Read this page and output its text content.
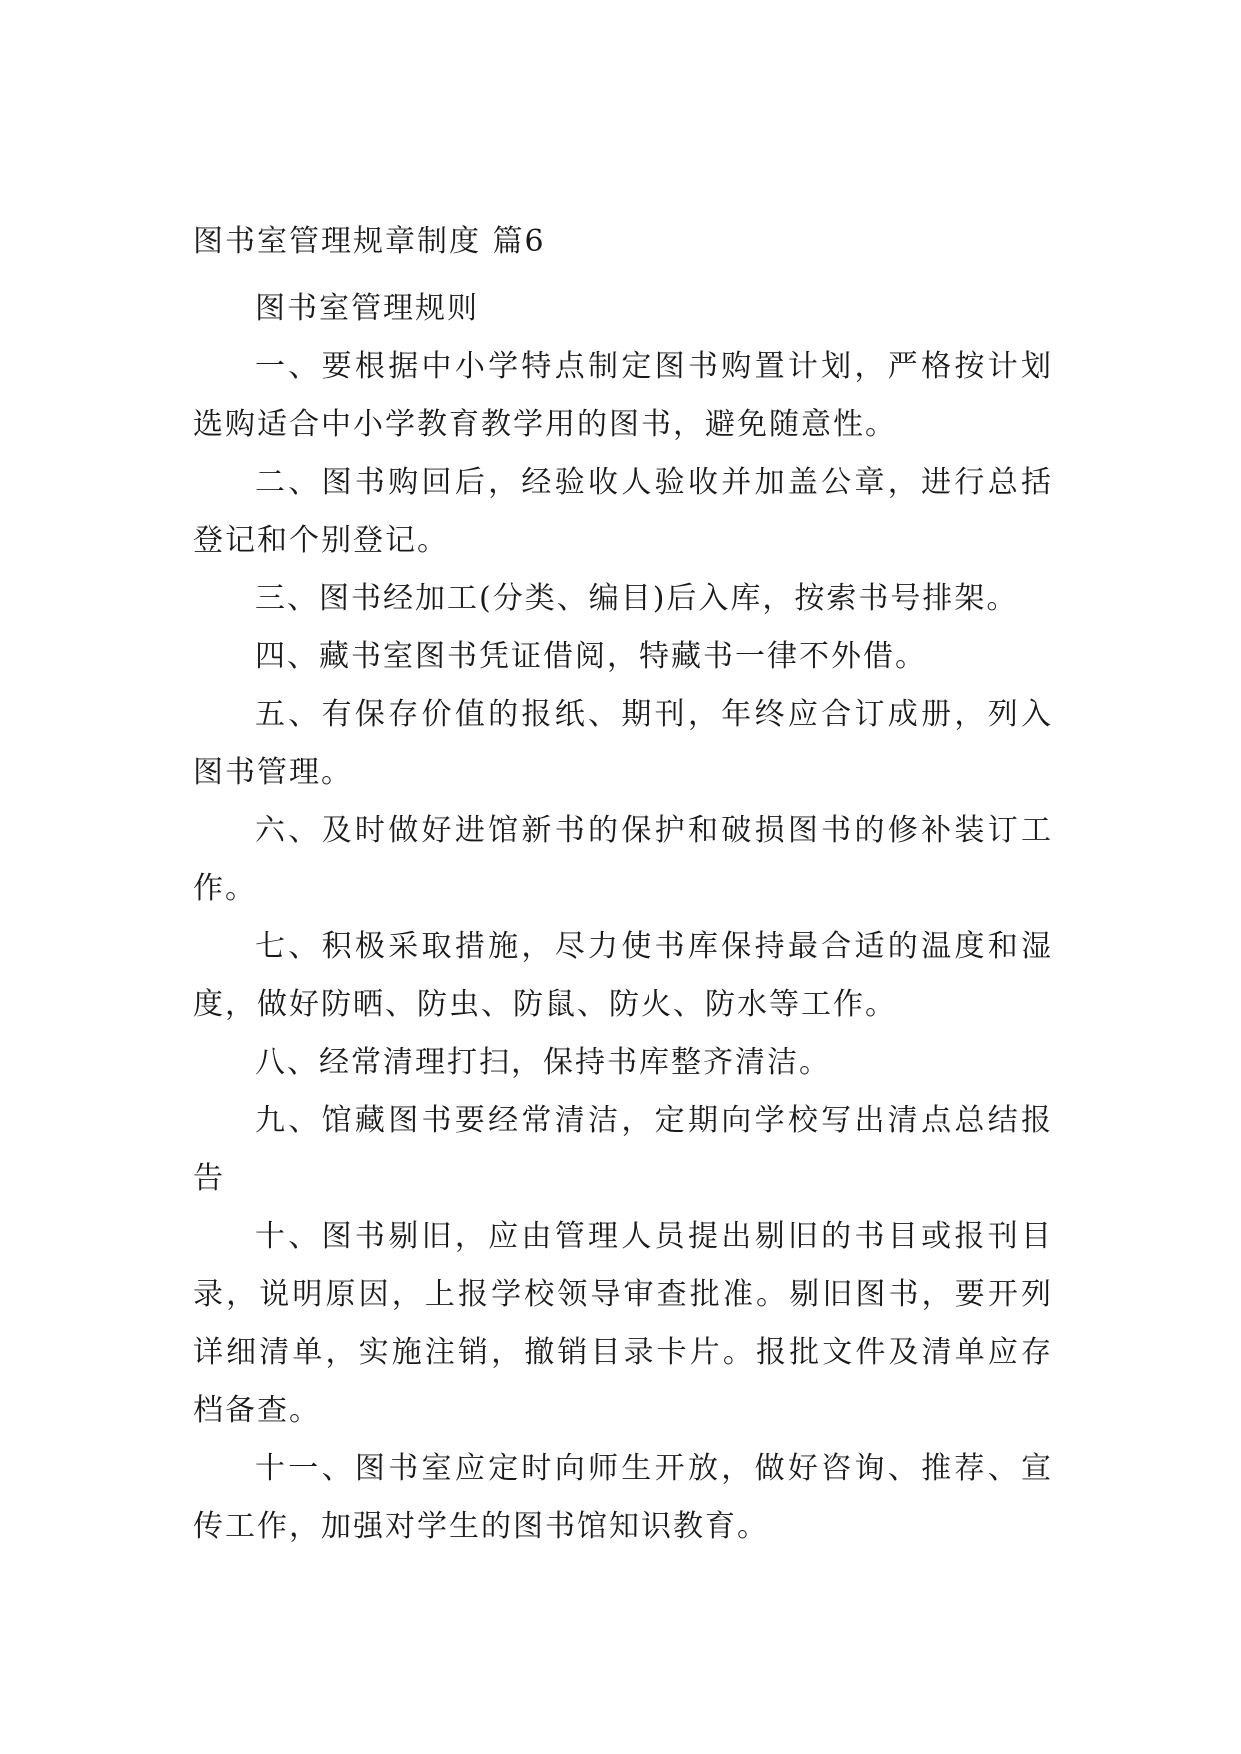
图书室管理规章制度 篇6

图书室管理规则

一、要根据中小学特点制定图书购置计划，严格按计划选购适合中小学教育教学用的图书，避免随意性。

二、图书购回后，经验收人验收并加盖公章，进行总括登记和个别登记。

三、图书经加工(分类、编目)后入库，按索书号排架。

四、藏书室图书凭证借阅，特藏书一律不外借。

五、有保存价值的报纸、期刊，年终应合订成册，列入图书管理。

六、及时做好进馆新书的保护和破损图书的修补装订工作。

七、积极采取措施，尽力使书库保持最合适的温度和湿度，做好防晒、防虫、防鼠、防火、防水等工作。

八、经常清理打扫，保持书库整齐清洁。

九、馆藏图书要经常清洁，定期向学校写出清点总结报告

十、图书剔旧，应由管理人员提出剔旧的书目或报刊目录，说明原因，上报学校领导审查批准。剔旧图书，要开列详细清单，实施注销，撤销目录卡片。报批文件及清单应存档备查。

十一、图书室应定时向师生开放，做好咨询、推荐、宣传工作，加强对学生的图书馆知识教育。
